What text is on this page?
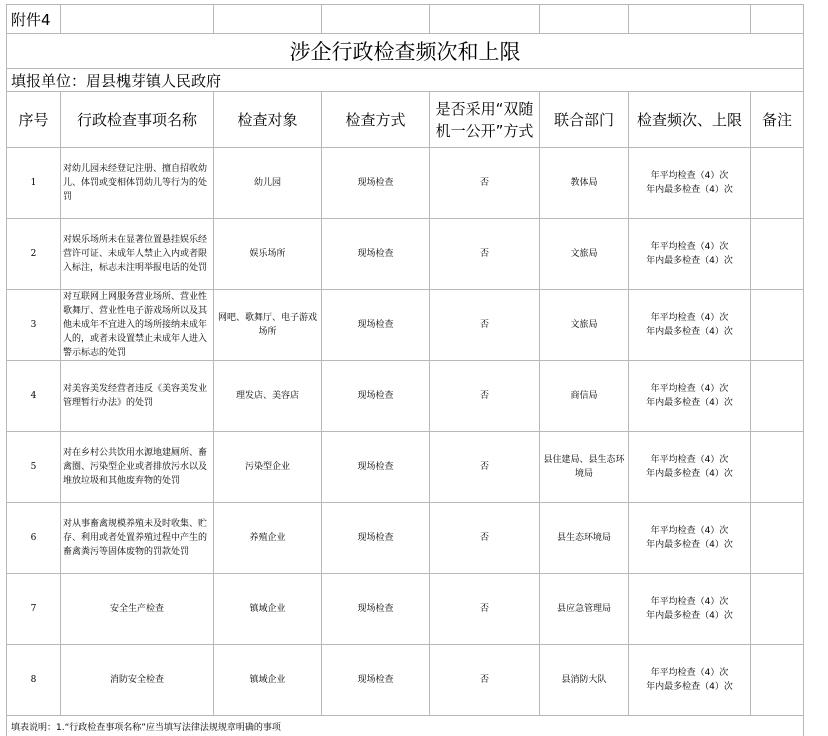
附件4							
涉企行政检查频次和上限							
填报单位：眉县槐芽镇人民政府							
序号	行政检查事项名称	检查对象	检查方式	是否采用“双随机一公开”方式	联合部门	检查频次、上限	备注
1	对幼儿园未经登记注册、擅自招收幼儿、体罚或变相体罚幼儿等行为的处罚	幼儿园	现场检查	否	教体局	年平均检查（4）次
年内最多检查（4）次	

2	对娱乐场所未在显著位置悬挂娱乐经营许可证、未成年人禁止入内或者限入标注，标志未注明举报电话的处罚	娱乐场所	现场检查	否	文旅局	年平均检查（4）次
年内最多检查（4）次	

3	对互联网上网服务营业场所、营业性歌舞厅、营业性电子游戏场所以及其他未成年不宜进入的场所接纳未成年人的，或者未设置禁止未成年人进入警示标志的处罚	网吧、歌舞厅、电子游戏场所	现场检查	否	文旅局	年平均检查（4）次
年内最多检查（4）次	

4	对美容美发经营者违反《美容美发业管理暂行办法》的处罚	理发店、美容店	现场检查	否	商信局	年平均检查（4）次
年内最多检查（4）次	

5	对在乡村公共饮用水源地建厕所、畜禽圈、污染型企业或者排放污水以及堆放垃圾和其他废弃物的处罚	污染型企业	现场检查	否	县住建局、县生态环境局	年平均检查（4）次
年内最多检查（4）次	

6	对从事畜禽规模养殖未及时收集、贮存、利用或者处置养殖过程中产生的畜禽粪污等固体废物的罚款处罚	养殖企业	现场检查	否	县生态环境局	年平均检查（4）次
年内最多检查（4）次	

7	安全生产检查	镇域企业	现场检查	否	县应急管理局	年平均检查（4）次
年内最多检查（4）次	

8	消防安全检查	镇域企业	现场检查	否	县消防大队	年平均检查（4）次
年内最多检查（4）次	

填表说明：1.“行政检查事项名称”应当填写法律法规规章明确的事项							
